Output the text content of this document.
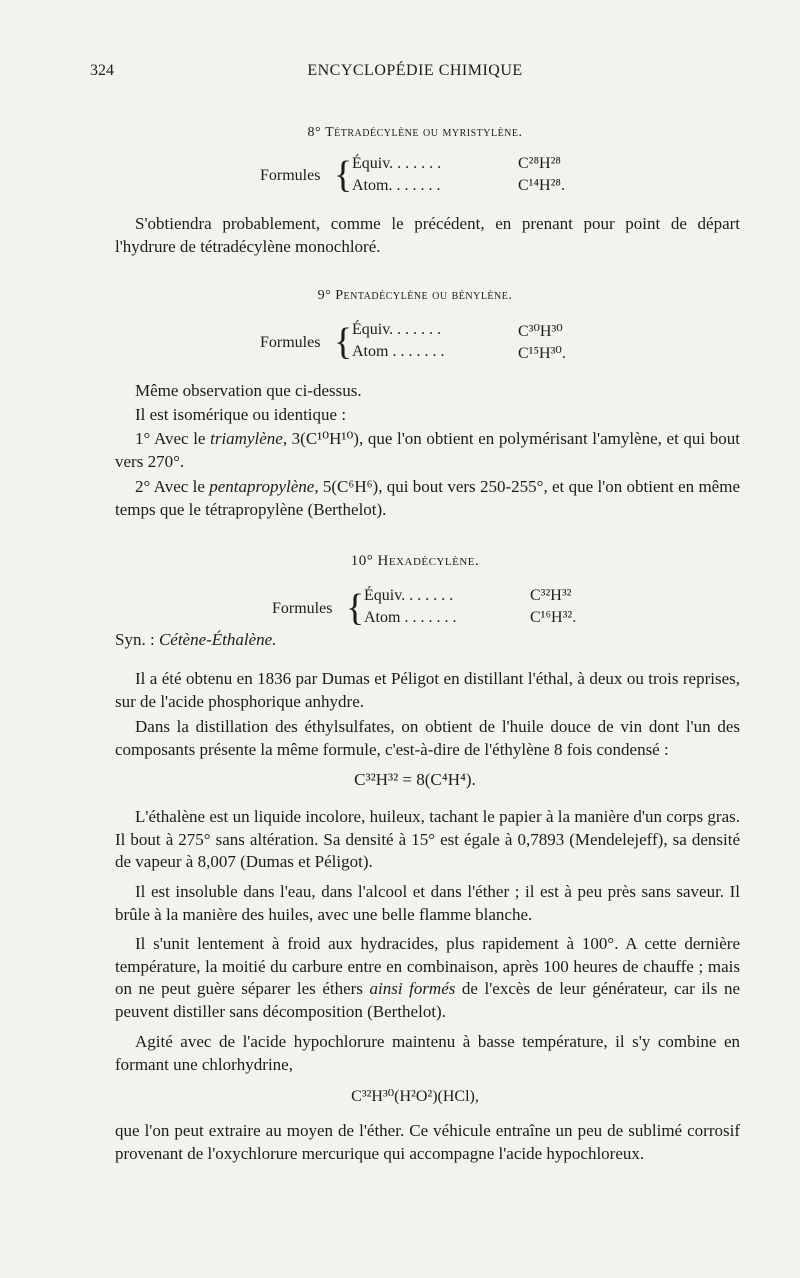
324	ENCYCLOPÉDIE CHIMIQUE
8° Tétradécylène ou myristylène.
Formules { Équiv. . . . . . .	C²⁸H²⁸
Atom. . . . . . .	C¹⁴H²⁸.
S'obtiendra probablement, comme le précédent, en prenant pour point de départ l'hydrure de tétradécylène monochloré.
9° Pentadécylène ou bénylène.
Formules { Équiv. . . . . . .	C³⁰H³⁰
Atom . . . . . . .	C¹⁵H³⁰.
Même observation que ci-dessus.
Il est isomérique ou identique :
1° Avec le triamylène, 3(C¹⁰H¹⁰), que l'on obtient en polymérisant l'amylène, et qui bout vers 270°.
2° Avec le pentapropylène, 5(C⁶H⁶), qui bout vers 250-255°, et que l'on obtient en même temps que le tétrapropylène (Berthelot).
10° Hexadécylène.
Formules { Équiv. . . . . . .	C³²H³²
Atom . . . . . . .	C¹⁶H³².
Syn. : Cétène-Éthalène.
Il a été obtenu en 1836 par Dumas et Péligot en distillant l'éthal, à deux ou trois reprises, sur de l'acide phosphorique anhydre.
Dans la distillation des éthylsulfates, on obtient de l'huile douce de vin dont l'un des composants présente la même formule, c'est-à-dire de l'éthylène 8 fois condensé :
C³²H³² = 8(C⁴H⁴).
L'éthalène est un liquide incolore, huileux, tachant le papier à la manière d'un corps gras. Il bout à 275° sans altération. Sa densité à 15° est égale à 0,7893 (Mendelejeff), sa densité de vapeur à 8,007 (Dumas et Péligot).
Il est insoluble dans l'eau, dans l'alcool et dans l'éther ; il est à peu près sans saveur. Il brûle à la manière des huiles, avec une belle flamme blanche.
Il s'unit lentement à froid aux hydracides, plus rapidement à 100°. A cette dernière température, la moitié du carbure entre en combinaison, après 100 heures de chauffe ; mais on ne peut guère séparer les éthers ainsi formés de l'excès de leur générateur, car ils ne peuvent distiller sans décomposition (Berthelot).
Agité avec de l'acide hypochlorure maintenu à basse température, il s'y combine en formant une chlorhydrine,
C³²H³⁰(H²O²)(HCl),
que l'on peut extraire au moyen de l'éther. Ce véhicule entraîne un peu de sublimé corrosif provenant de l'oxychlorure mercurique qui accompagne l'acide hypochloreux.
